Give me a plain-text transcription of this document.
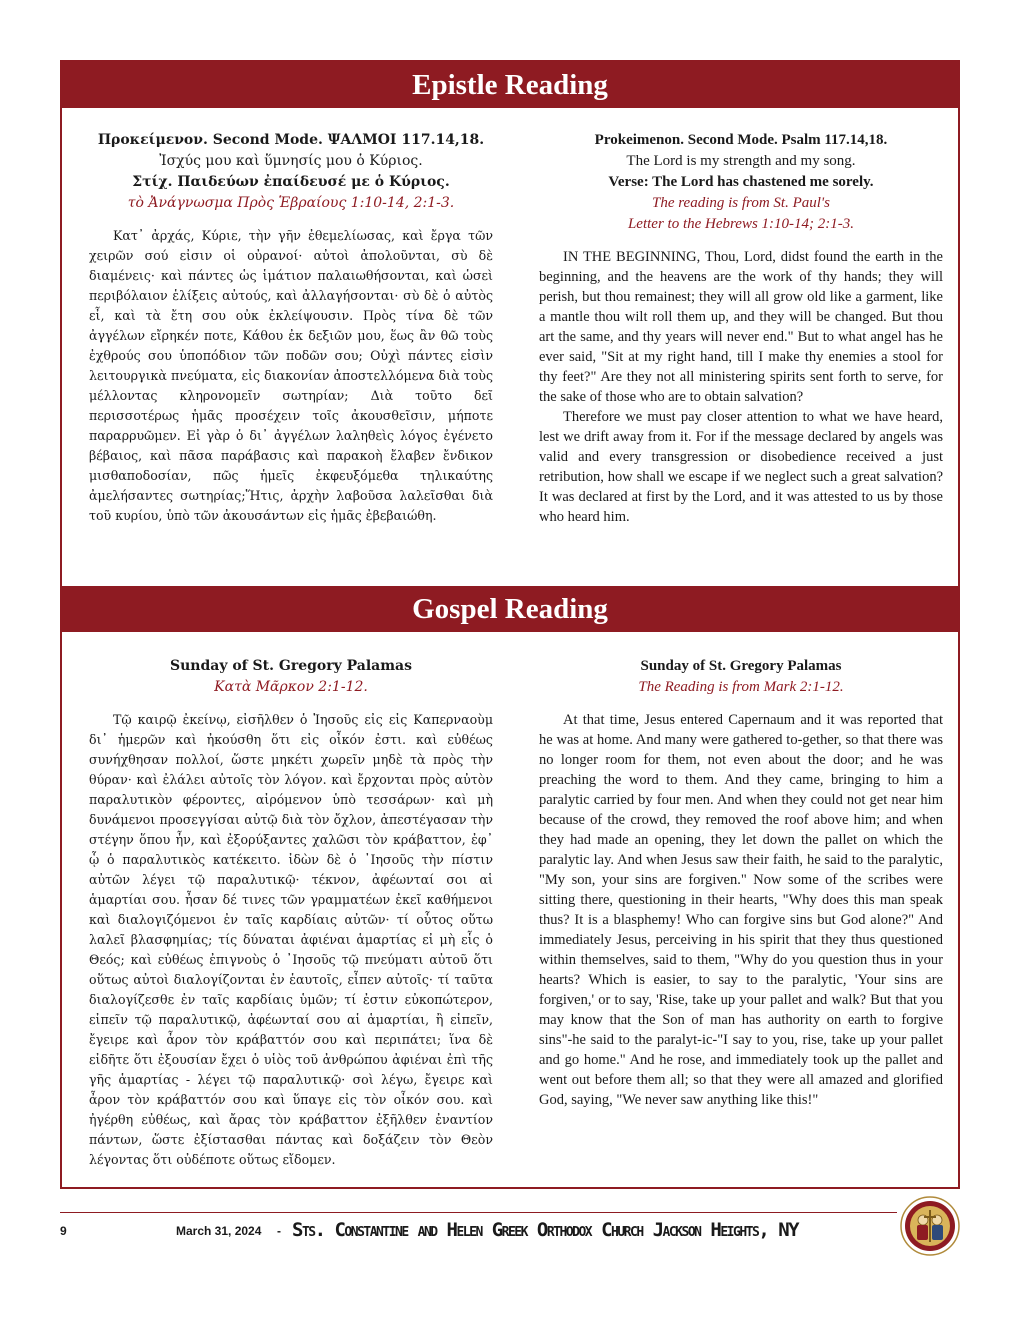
Epistle Reading
Προκείμενον. Second Mode. ΨΑΛΜΟΙ 117.14,18.
Ἰσχύς μου καὶ ὕμνησίς μου ὁ Κύριος.
Στίχ. Παιδεύων ἐπαίδευσέ με ὁ Κύριος.
τὸ Ἀνάγνωσμα Πρὸς Ἑβραίους 1:10-14, 2:1-3.

Κατ᾽ ἀρχάς, Κύριε, τὴν γῆν ἐθεμελίωσας, καὶ ἔργα τῶν χειρῶν σού εἰσιν οἱ οὐρανοί· αὐτοὶ ἀπολοῦνται, σὺ δὲ διαμένεις· καὶ πάντες ὡς ἱμάτιον παλαιωθήσονται, καὶ ὡσεὶ περιβόλαιον ἑλίξεις αὐτούς, καὶ ἀλλαγήσονται· σὺ δὲ ὁ αὐτὸς εἶ, καὶ τὰ ἔτη σου οὐκ ἐκλείψουσιν. Πρὸς τίνα δὲ τῶν ἀγγέλων εἴρηκέν ποτε, Κάθου ἐκ δεξιῶν μου, ἕως ἂν θῶ τοὺς ἐχθρούς σου ὑποπόδιον τῶν ποδῶν σου; Οὐχὶ πάντες εἰσὶν λειτουργικὰ πνεύματα, εἰς διακονίαν ἀποστελλόμενα διὰ τοὺς μέλλοντας κληρονομεῖν σωτηρίαν; Διὰ τοῦτο δεῖ περισσοτέρως ἡμᾶς προσέχειν τοῖς ἀκουσθεῖσιν, μήποτε παραρρυῶμεν. Εἰ γὰρ ὁ δι᾽ ἀγγέλων λαληθεὶς λόγος ἐγένετο βέβαιος, καὶ πᾶσα παράβασις καὶ παρακοὴ ἔλαβεν ἔνδικον μισθαποδοσίαν, πῶς ἡμεῖς ἐκφευξόμεθα τηλικαύτης ἀμελήσαντες σωτηρίας;Ἥτις, ἀρχὴν λαβοῦσα λαλεῖσθαι διὰ τοῦ κυρίου, ὑπὸ τῶν ἀκουσάντων εἰς ἡμᾶς ἐβεβαιώθη.

Prokeimenon. Second Mode. Psalm 117.14,18.
The Lord is my strength and my song.
Verse: The Lord has chastened me sorely.
The reading is from St. Paul's
Letter to the Hebrews 1:10-14; 2:1-3.

IN THE BEGINNING, Thou, Lord, didst found the earth in the beginning, and the heavens are the work of thy hands; they will perish, but thou remainest; they will all grow old like a garment, like a mantle thou wilt roll them up, and they will be changed. But thou art the same, and thy years will never end." But to what angel has he ever said, "Sit at my right hand, till I make thy enemies a stool for thy feet?" Are they not all ministering spirits sent forth to serve, for the sake of those who are to obtain salvation?

Therefore we must pay closer attention to what we have heard, lest we drift away from it. For if the message declared by angels was valid and every transgression or disobedience received a just retribution, how shall we escape if we neglect such a great salvation? It was declared at first by the Lord, and it was attested to us by those who heard him.

Gospel Reading
Sunday of St. Gregory Palamas
Κατὰ Μᾶρκον 2:1-12.

Τῷ καιρῷ ἐκείνῳ, εἰσῆλθεν ὁ Ἰησοῦς εἰς εἰς Καπερναοὺμ δι᾽ ἡμερῶν καὶ ἠκούσθη ὅτι εἰς οἶκόν ἐστι. καὶ εὐθέως συνήχθησαν πολλοί, ὥστε μηκέτι χωρεῖν μηδὲ τὰ πρὸς τὴν θύραν· καὶ ἐλάλει αὐτοῖς τὸν λόγον. καὶ ἔρχονται πρὸς αὐτὸν παραλυτικὸν φέροντες, αἰρόμενον ὑπὸ τεσσάρων· καὶ μὴ δυνάμενοι προσεγγίσαι αὐτῷ διὰ τὸν ὄχλον, ἀπεστέγασαν τὴν στέγην ὅπου ἦν, καὶ ἐξορύξαντες χαλῶσι τὸν κράβαττον, ἐφ᾽ ᾧ ὁ παραλυτικὸς κατέκειτο. ἰδὼν δὲ ὁ ᾿Ιησοῦς τὴν πίστιν αὐτῶν λέγει τῷ παραλυτικῷ· τέκνον, ἀφέωνταί σοι αἱ ἁμαρτίαι σου. ἦσαν δέ τινες τῶν γραμματέων ἐκεῖ καθήμενοι καὶ διαλογιζόμενοι ἐν ταῖς καρδίαις αὐτῶν· τί οὗτος οὕτω λαλεῖ βλασφημίας; τίς δύναται ἀφιέναι ἁμαρτίας εἰ μὴ εἷς ὁ Θεός; καὶ εὐθέως ἐπιγνοὺς ὁ ᾿Ιησοῦς τῷ πνεύματι αὐτοῦ ὅτι οὕτως αὐτοὶ διαλογίζονται ἐν ἑαυτοῖς, εἶπεν αὐτοῖς· τί ταῦτα διαλογίζεσθε ἐν ταῖς καρδίαις ὑμῶν; τί ἐστιν εὐκοπώτερον, εἰπεῖν τῷ παραλυτικῷ, ἀφέωνταί σου αἱ ἁμαρτίαι, ἢ εἰπεῖν, ἔγειρε καὶ ἆρον τὸν κράβαττόν σου καὶ περιπάτει; ἵνα δὲ εἰδῆτε ὅτι ἐξουσίαν ἔχει ὁ υἱὸς τοῦ ἀνθρώπου ἀφιέναι ἐπὶ τῆς γῆς ἁμαρτίας - λέγει τῷ παραλυτικῷ· σοὶ λέγω, ἔγειρε καὶ ἆρον τὸν κράβαττόν σου καὶ ὕπαγε εἰς τὸν οἶκόν σου. καὶ ἠγέρθη εὐθέως, καὶ ἄρας τὸν κράβαττον ἐξῆλθεν ἐναντίον πάντων, ὥστε ἐξίστασθαι πάντας καὶ δοξάζειν τὸν Θεὸν λέγοντας ὅτι οὐδέποτε οὕτως εἴδομεν.

Sunday of St. Gregory Palamas
The Reading is from Mark 2:1-12.

At that time, Jesus entered Capernaum and it was reported that he was at home. And many were gathered to-gether, so that there was no longer room for them, not even about the door; and he was preaching the word to them. And they came, bringing to him a paralytic carried by four men. And when they could not get near him because of the crowd, they removed the roof above him; and when they had made an opening, they let down the pallet on which the paralytic lay. And when Jesus saw their faith, he said to the paralytic, "My son, your sins are forgiven." Now some of the scribes were sitting there, questioning in their hearts, "Why does this man speak thus? It is a blasphemy! Who can forgive sins but God alone?" And immediately Jesus, perceiving in his spirit that they thus questioned within themselves, said to them, "Why do you question thus in your hearts? Which is easier, to say to the paralytic, 'Your sins are forgiven,' or to say, 'Rise, take up your pallet and walk? But that you may know that the Son of man has authority on earth to forgive sins"-he said to the paralyt-ic-"I say to you, rise, take up your pallet and go home." And he rose, and immediately took up the pallet and went out before them all; so that they were all amazed and glorified God, saying, "We never saw anything like this!"

9	March 31, 2024 - Sts. Constantine and Helen Greek Orthodox Church Jackson Heights, NY
